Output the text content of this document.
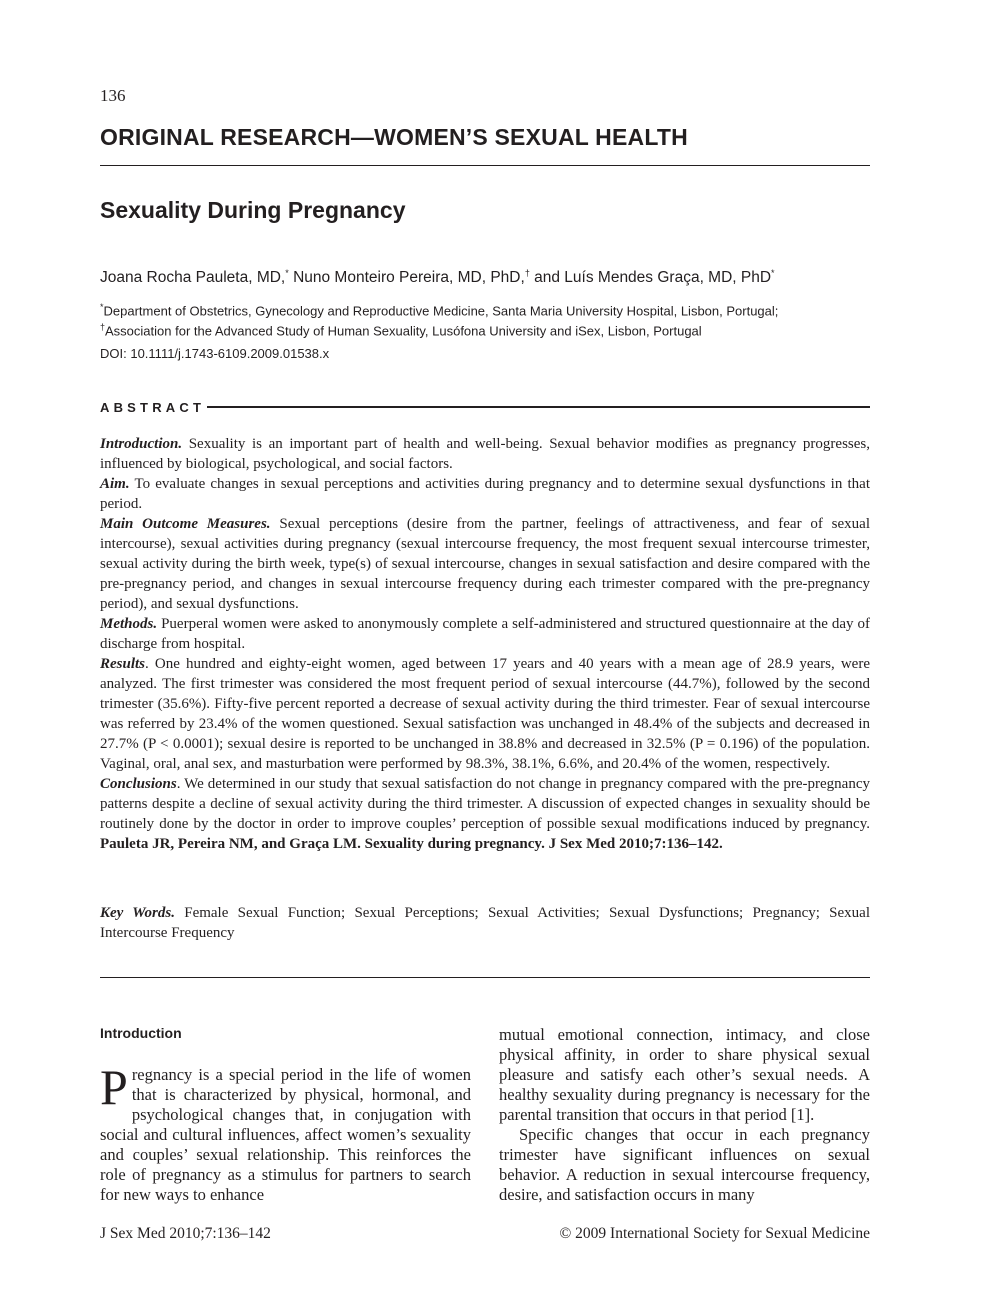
136
ORIGINAL RESEARCH—WOMEN’S SEXUAL HEALTH
Sexuality During Pregnancy
Joana Rocha Pauleta, MD,* Nuno Monteiro Pereira, MD, PhD,† and Luís Mendes Graça, MD, PhD*
*Department of Obstetrics, Gynecology and Reproductive Medicine, Santa Maria University Hospital, Lisbon, Portugal;
†Association for the Advanced Study of Human Sexuality, Lusófona University and iSex, Lisbon, Portugal
DOI: 10.1111/j.1743-6109.2009.01538.x
ABSTRACT

Introduction. Sexuality is an important part of health and well-being. Sexual behavior modifies as pregnancy progresses, influenced by biological, psychological, and social factors.

Aim. To evaluate changes in sexual perceptions and activities during pregnancy and to determine sexual dysfunctions in that period.

Main Outcome Measures. Sexual perceptions (desire from the partner, feelings of attractiveness, and fear of sexual intercourse), sexual activities during pregnancy (sexual intercourse frequency, the most frequent sexual intercourse trimester, sexual activity during the birth week, type(s) of sexual intercourse, changes in sexual satisfaction and desire compared with the pre-pregnancy period, and changes in sexual intercourse frequency during each trimester compared with the pre-pregnancy period), and sexual dysfunctions.

Methods. Puerperal women were asked to anonymously complete a self-administered and structured questionnaire at the day of discharge from hospital.

Results. One hundred and eighty-eight women, aged between 17 years and 40 years with a mean age of 28.9 years, were analyzed. The first trimester was considered the most frequent period of sexual intercourse (44.7%), followed by the second trimester (35.6%). Fifty-five percent reported a decrease of sexual activity during the third trimester. Fear of sexual intercourse was referred by 23.4% of the women questioned. Sexual satisfaction was unchanged in 48.4% of the subjects and decreased in 27.7% (P < 0.0001); sexual desire is reported to be unchanged in 38.8% and decreased in 32.5% (P = 0.196) of the population. Vaginal, oral, anal sex, and masturbation were performed by 98.3%, 38.1%, 6.6%, and 20.4% of the women, respectively.

Conclusions. We determined in our study that sexual satisfaction do not change in pregnancy compared with the pre-pregnancy patterns despite a decline of sexual activity during the third trimester. A discussion of expected changes in sexuality should be routinely done by the doctor in order to improve couples’ perception of possible sexual modifications induced by pregnancy. Pauleta JR, Pereira NM, and Graça LM. Sexuality during pregnancy. J Sex Med 2010;7:136–142.

Key Words. Female Sexual Function; Sexual Perceptions; Sexual Activities; Sexual Dysfunctions; Pregnancy; Sexual Intercourse Frequency
Introduction

Pregnancy is a special period in the life of women that is characterized by physical, hormonal, and psychological changes that, in conjugation with social and cultural influences, affect women’s sexuality and couples’ sexual relationship. This reinforces the role of pregnancy as a stimulus for partners to search for new ways to enhance

mutual emotional connection, intimacy, and close physical affinity, in order to share physical sexual pleasure and satisfy each other’s sexual needs. A healthy sexuality during pregnancy is necessary for the parental transition that occurs in that period [1].

Specific changes that occur in each pregnancy trimester have significant influences on sexual behavior. A reduction in sexual intercourse frequency, desire, and satisfaction occurs in many

J Sex Med 2010;7:136–142	© 2009 International Society for Sexual Medicine
